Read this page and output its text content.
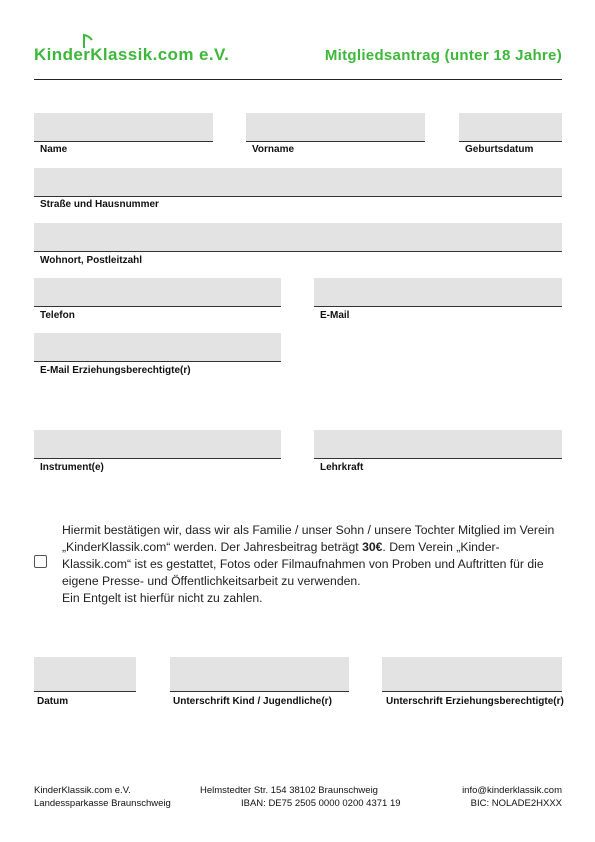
KinderKlassik.com e.V.	Mitgliedsantrag (unter 18 Jahre)
Name	Vorname	Geburtsdatum
Straße und Hausnummer
Wohnort, Postleitzahl
Telefon	E-Mail
E-Mail Erziehungsberechtigte(r)
Instrument(e)	Lehrkraft
Hiermit bestätigen wir, dass wir als Familie / unser Sohn / unsere Tochter Mitglied im Verein „KinderKlassik.com“ werden. Der Jahresbeitrag beträgt 30€. Dem Verein „Kinder-Klassik.com“ ist es gestattet, Fotos oder Filmaufnahmen von Proben und Auftritten für die eigene Presse- und Öffentlichkeitsarbeit zu verwenden.
Ein Entgelt ist hierfür nicht zu zahlen.
Datum	Unterschrift Kind / Jugendliche(r)	Unterschrift Erziehungsberechtigte(r)
KinderKlassik.com e.V.	Helmstedter Str. 154 38102 Braunschweig	info@kinderklassik.com
Landessparkasse Braunschweig	IBAN: DE75 2505 0000 0200 4371 19	BIC: NOLADE2HXXX
